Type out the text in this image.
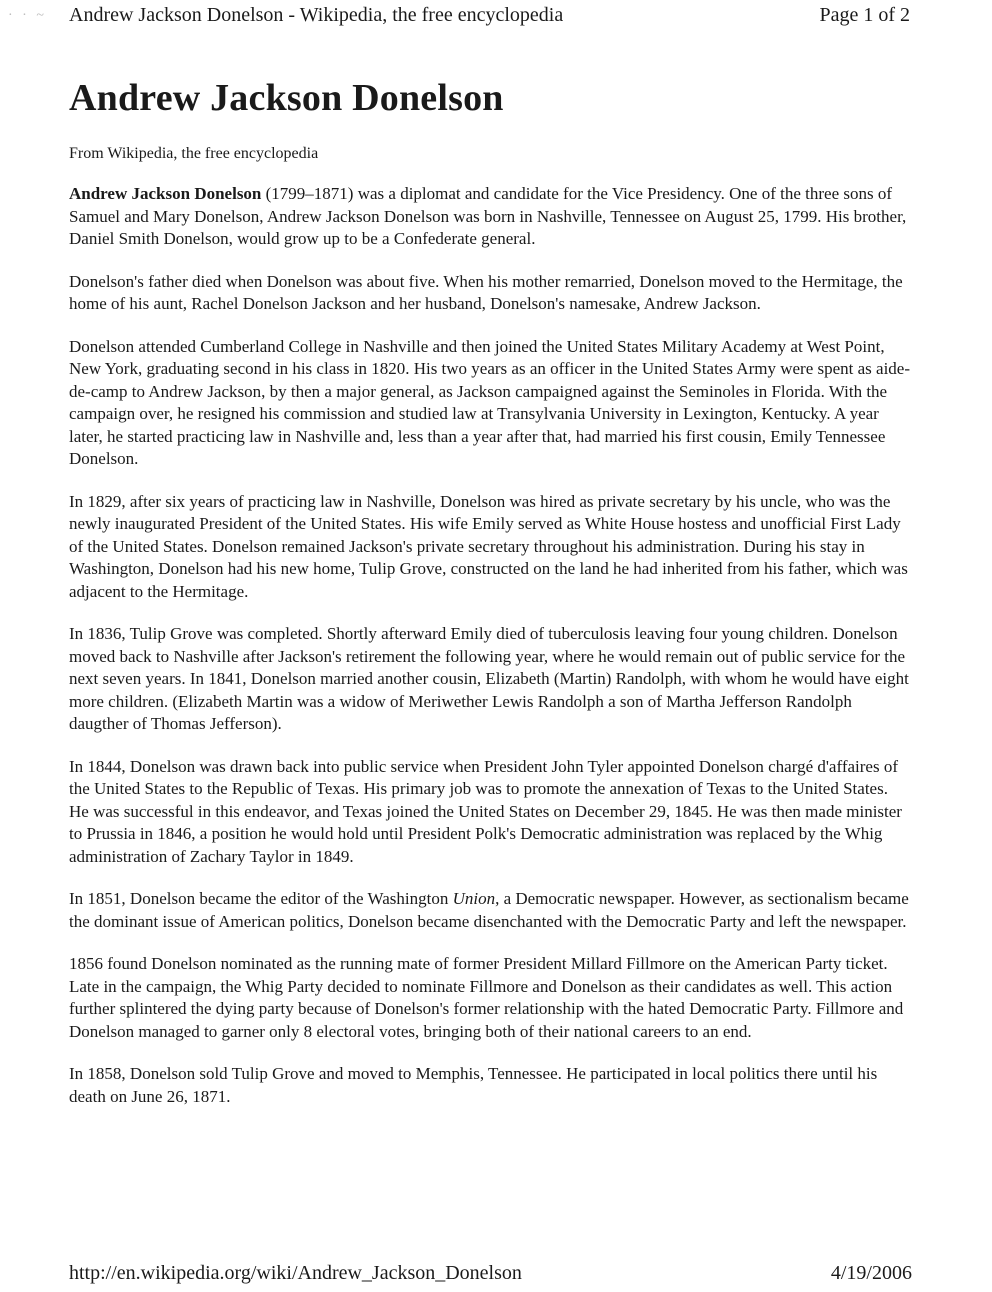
· · ~ Andrew Jackson Donelson - Wikipedia, the free encyclopedia	Page 1 of 2
Andrew Jackson Donelson
From Wikipedia, the free encyclopedia

Andrew Jackson Donelson (1799–1871) was a diplomat and candidate for the Vice Presidency. One of the three sons of Samuel and Mary Donelson, Andrew Jackson Donelson was born in Nashville, Tennessee on August 25, 1799. His brother, Daniel Smith Donelson, would grow up to be a Confederate general.

Donelson's father died when Donelson was about five. When his mother remarried, Donelson moved to the Hermitage, the home of his aunt, Rachel Donelson Jackson and her husband, Donelson's namesake, Andrew Jackson.

Donelson attended Cumberland College in Nashville and then joined the United States Military Academy at West Point, New York, graduating second in his class in 1820. His two years as an officer in the United States Army were spent as aide-de-camp to Andrew Jackson, by then a major general, as Jackson campaigned against the Seminoles in Florida. With the campaign over, he resigned his commission and studied law at Transylvania University in Lexington, Kentucky. A year later, he started practicing law in Nashville and, less than a year after that, had married his first cousin, Emily Tennessee Donelson.

In 1829, after six years of practicing law in Nashville, Donelson was hired as private secretary by his uncle, who was the newly inaugurated President of the United States. His wife Emily served as White House hostess and unofficial First Lady of the United States. Donelson remained Jackson's private secretary throughout his administration. During his stay in Washington, Donelson had his new home, Tulip Grove, constructed on the land he had inherited from his father, which was adjacent to the Hermitage.

In 1836, Tulip Grove was completed. Shortly afterward Emily died of tuberculosis leaving four young children. Donelson moved back to Nashville after Jackson's retirement the following year, where he would remain out of public service for the next seven years. In 1841, Donelson married another cousin, Elizabeth (Martin) Randolph, with whom he would have eight more children. (Elizabeth Martin was a widow of Meriwether Lewis Randolph a son of Martha Jefferson Randolph daugther of Thomas Jefferson).

In 1844, Donelson was drawn back into public service when President John Tyler appointed Donelson chargé d'affaires of the United States to the Republic of Texas. His primary job was to promote the annexation of Texas to the United States. He was successful in this endeavor, and Texas joined the United States on December 29, 1845. He was then made minister to Prussia in 1846, a position he would hold until President Polk's Democratic administration was replaced by the Whig administration of Zachary Taylor in 1849.

In 1851, Donelson became the editor of the Washington Union, a Democratic newspaper. However, as sectionalism became the dominant issue of American politics, Donelson became disenchanted with the Democratic Party and left the newspaper.

1856 found Donelson nominated as the running mate of former President Millard Fillmore on the American Party ticket. Late in the campaign, the Whig Party decided to nominate Fillmore and Donelson as their candidates as well. This action further splintered the dying party because of Donelson's former relationship with the hated Democratic Party. Fillmore and Donelson managed to garner only 8 electoral votes, bringing both of their national careers to an end.

In 1858, Donelson sold Tulip Grove and moved to Memphis, Tennessee. He participated in local politics there until his death on June 26, 1871.

http://en.wikipedia.org/wiki/Andrew_Jackson_Donelson	4/19/2006
